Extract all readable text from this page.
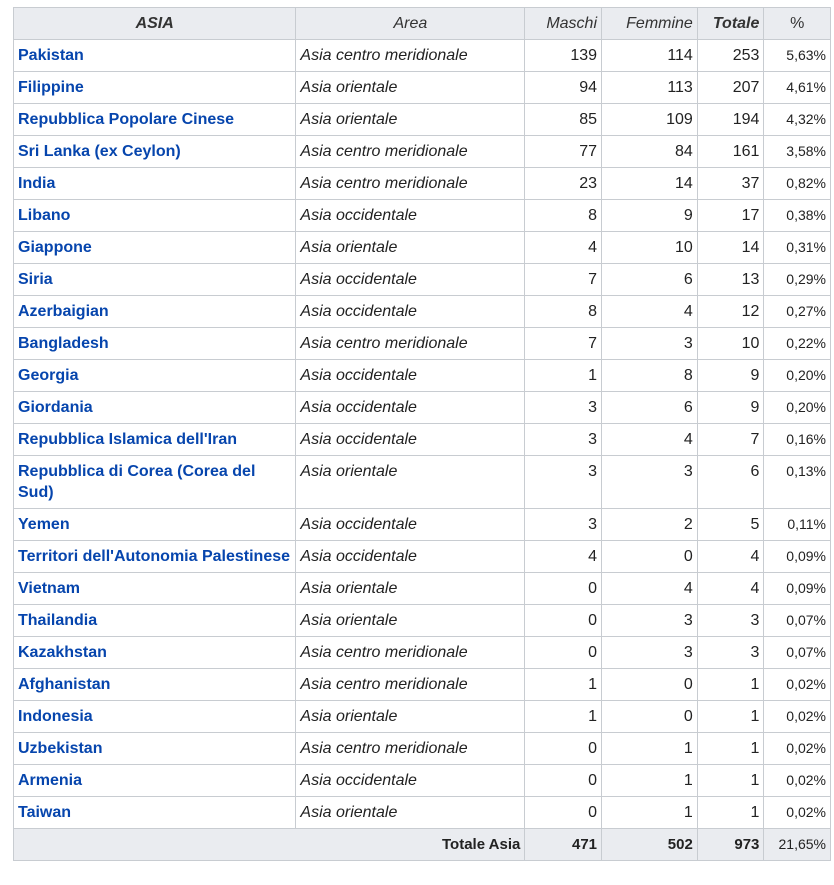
ASIA	Area	Maschi	Femmine	Totale	%
Pakistan	Asia centro meridionale	139	114	253	5,63%
Filippine	Asia orientale	94	113	207	4,61%
Repubblica Popolare Cinese	Asia orientale	85	109	194	4,32%
Sri Lanka (ex Ceylon)	Asia centro meridionale	77	84	161	3,58%
India	Asia centro meridionale	23	14	37	0,82%
Libano	Asia occidentale	8	9	17	0,38%
Giappone	Asia orientale	4	10	14	0,31%
Siria	Asia occidentale	7	6	13	0,29%
Azerbaigian	Asia occidentale	8	4	12	0,27%
Bangladesh	Asia centro meridionale	7	3	10	0,22%
Georgia	Asia occidentale	1	8	9	0,20%
Giordania	Asia occidentale	3	6	9	0,20%
Repubblica Islamica dell'Iran	Asia occidentale	3	4	7	0,16%
Repubblica di Corea (Corea del Sud)	Asia orientale	3	3	6	0,13%
Yemen	Asia occidentale	3	2	5	0,11%
Territori dell'Autonomia Palestinese	Asia occidentale	4	0	4	0,09%
Vietnam	Asia orientale	0	4	4	0,09%
Thailandia	Asia orientale	0	3	3	0,07%
Kazakhstan	Asia centro meridionale	0	3	3	0,07%
Afghanistan	Asia centro meridionale	1	0	1	0,02%
Indonesia	Asia orientale	1	0	1	0,02%
Uzbekistan	Asia centro meridionale	0	1	1	0,02%
Armenia	Asia occidentale	0	1	1	0,02%
Taiwan	Asia orientale	0	1	1	0,02%
Totale Asia		471	502	973	21,65%
